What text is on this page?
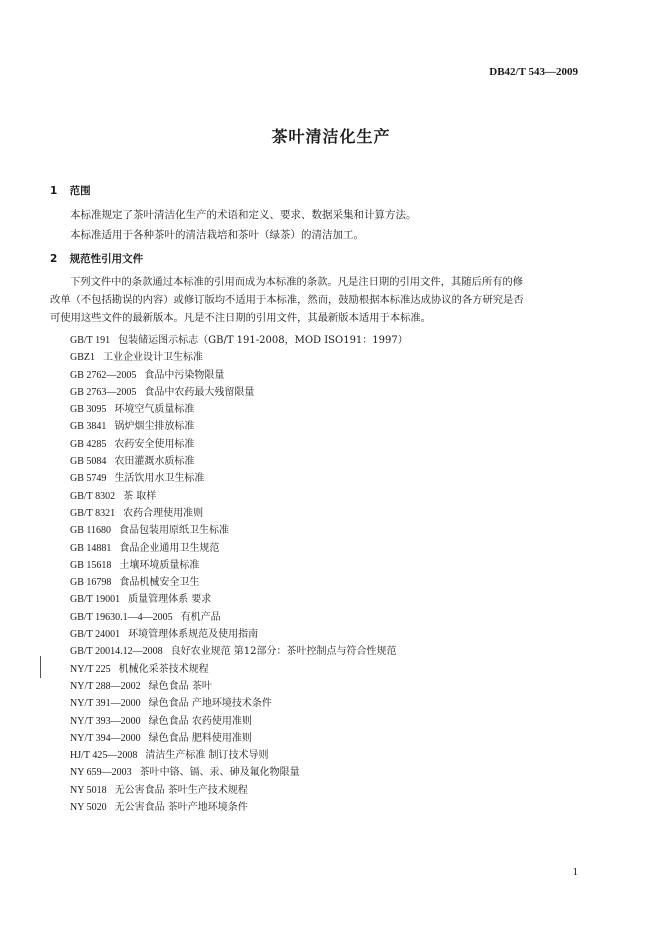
DB42/T 543—2009
茶叶清洁化生产
1 范围
本标准规定了茶叶清洁化生产的术语和定义、要求、数据采集和计算方法。
本标准适用于各种茶叶的清洁栽培和茶叶（绿茶）的清洁加工。
2 规范性引用文件
下列文件中的条款通过本标准的引用而成为本标准的条款。凡是注日期的引用文件，其随后所有的修
改单（不包括勘误的内容）或修订版均不适用于本标准，然而，鼓励根据本标准达成协议的各方研究是否
可使用这些文件的最新版本。凡是不注日期的引用文件，其最新版本适用于本标准。
GB/T 191 包装储运图示标志（GB/T 191-2008，MOD ISO191：1997）
GBZ1 工业企业设计卫生标准
GB 2762—2005 食品中污染物限量
GB 2763—2005 食品中农药最大残留限量
GB 3095 环境空气质量标准
GB 3841 锅炉烟尘排放标准
GB 4285 农药安全使用标准
GB 5084 农田灌溉水质标准
GB 5749 生活饮用水卫生标准
GB/T 8302 茶 取样
GB/T 8321 农药合理使用准则
GB 11680 食品包装用原纸卫生标准
GB 14881 食品企业通用卫生规范
GB 15618 土壤环境质量标准
GB 16798 食品机械安全卫生
GB/T 19001 质量管理体系 要求
GB/T 19630.1—4—2005 有机产品
GB/T 24001 环境管理体系规范及使用指南
GB/T 20014.12—2008 良好农业规范 第12部分：茶叶控制点与符合性规范
NY/T 225 机械化采茶技术规程
NY/T 288—2002 绿色食品 茶叶
NY/T 391—2000 绿色食品 产地环境技术条件
NY/T 393—2000 绿色食品 农药使用准则
NY/T 394—2000 绿色食品 肥料使用准则
HJ/T 425—2008 清洁生产标准 制订技术导则
NY 659—2003 茶叶中铬、镉、汞、砷及氟化物限量
NY 5018 无公害食品 茶叶生产技术规程
NY 5020 无公害食品 茶叶产地环境条件
1
